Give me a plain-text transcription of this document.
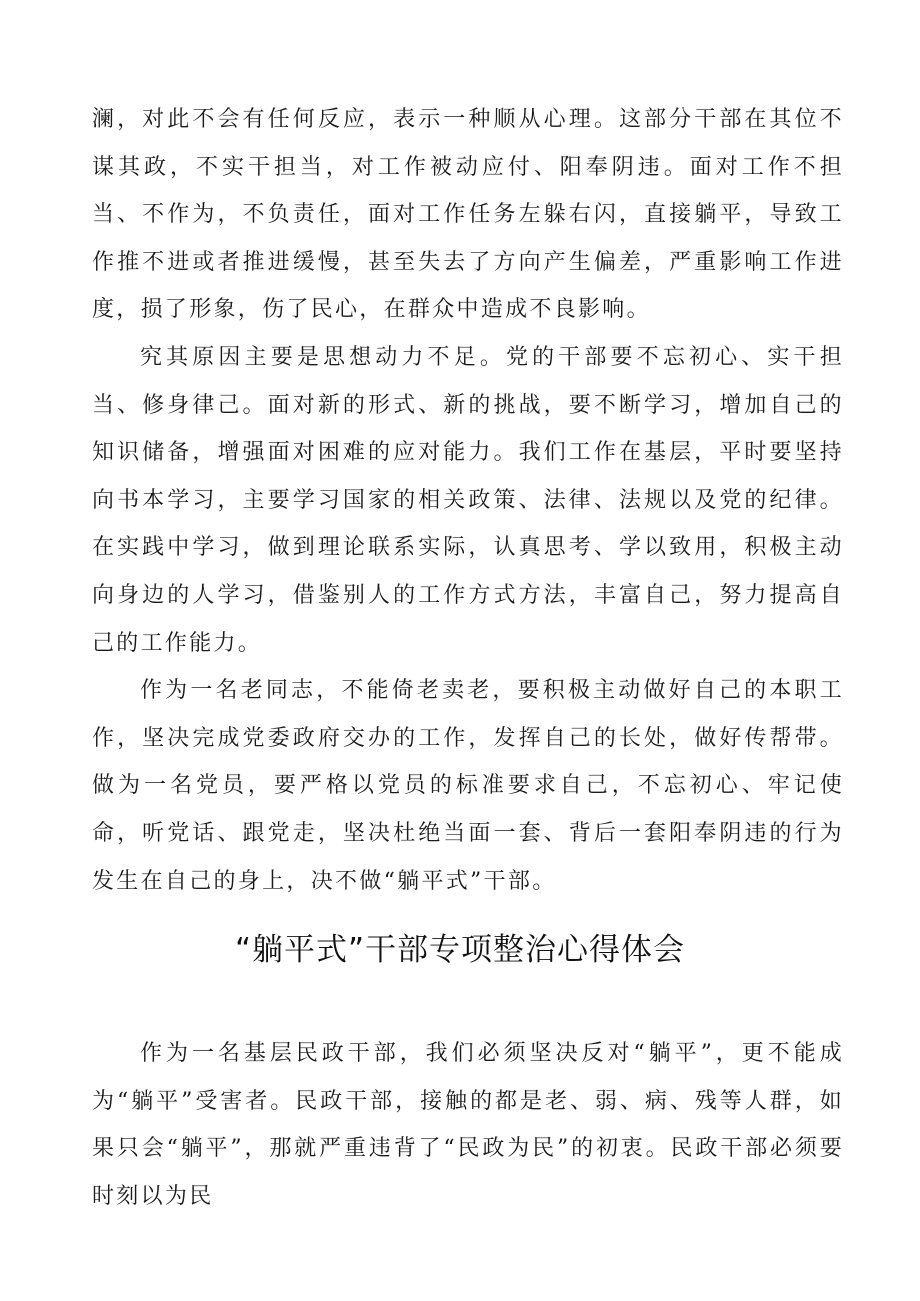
澜，对此不会有任何反应，表示一种顺从心理。这部分干部在其位不谋其政，不实干担当，对工作被动应付、阳奉阴违。面对工作不担当、不作为，不负责任，面对工作任务左躲右闪，直接躺平，导致工作推不进或者推进缓慢，甚至失去了方向产生偏差，严重影响工作进度，损了形象，伤了民心，在群众中造成不良影响。

究其原因主要是思想动力不足。党的干部要不忘初心、实干担当、修身律己。面对新的形式、新的挑战，要不断学习，增加自己的知识储备，增强面对困难的应对能力。我们工作在基层，平时要坚持向书本学习，主要学习国家的相关政策、法律、法规以及党的纪律。在实践中学习，做到理论联系实际，认真思考、学以致用，积极主动向身边的人学习，借鉴别人的工作方式方法，丰富自己，努力提高自己的工作能力。

作为一名老同志，不能倚老卖老，要积极主动做好自己的本职工作，坚决完成党委政府交办的工作，发挥自己的长处，做好传帮带。做为一名党员，要严格以党员的标准要求自己，不忘初心、牢记使命，听党话、跟党走，坚决杜绝当面一套、背后一套阳奉阴违的行为发生在自己的身上，决不做“躺平式”干部。

“躺平式”干部专项整治心得体会

作为一名基层民政干部，我们必须坚决反对“躺平”，更不能成为“躺平”受害者。民政干部，接触的都是老、弱、病、残等人群，如果只会“躺平”，那就严重违背了“民政为民”的初衷。民政干部必须要时刻以为民
